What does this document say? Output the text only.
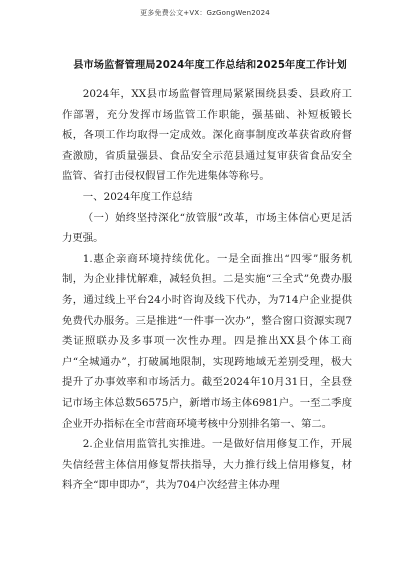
更多免费公文+VX：GzGongWen2024
县市场监督管理局2024年度工作总结和2025年度工作计划

2024年，XX县市场监督管理局紧紧围绕县委、县政府工作部署，充分发挥市场监管工作职能，强基础、补短板锻长板，各项工作均取得一定成效。深化商事制度改革获省政府督查激励，省质量强县、食品安全示范县通过复审获省食品安全监管、省打击侵权假冒工作先进集体等称号。

一、2024年度工作总结

（一）始终坚持深化“放管服”改革，市场主体信心更足活力更强。

1.惠企亲商环境持续优化。一是全面推出“四零”服务机制，为企业排忧解难，减轻负担。二是实施“三全式”免费办服务，通过线上平台24小时咨询及线下代办，为714户企业提供免费代办服务。三是推进“一件事一次办”，整合窗口资源实现7类证照联办及多事项一次性办理。四是推出XX县个体工商户“全城通办”，打破属地限制，实现跨地域无差别受理，极大提升了办事效率和市场活力。截至2024年10月31日，全县登记市场主体总数56575户，新增市场主体6981户。一至二季度企业开办指标在全市营商环境考核中分别排名第一、第二。

2.企业信用监管扎实推进。一是做好信用修复工作，开展失信经营主体信用修复帮扶指导，大力推行线上信用修复，材料齐全“即申即办”，共为704户次经营主体办理
